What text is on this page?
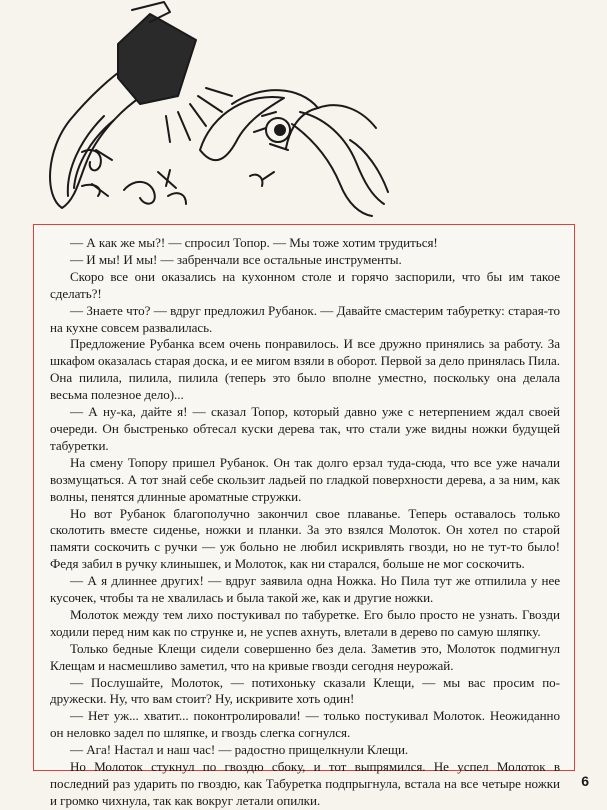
— А как же мы?! — спросил Топор. — Мы тоже хотим трудиться!

— И мы! И мы! — забренчали все остальные инструменты.

Скоро все они оказались на кухонном столе и горячо заспорили, что бы им такое сделать?!

— Знаете что? — вдруг предложил Рубанок. — Давайте смастерим табуретку: старая-то на кухне совсем развалилась.

Предложение Рубанка всем очень понравилось. И все дружно принялись за работу. За шкафом оказалась старая доска, и ее мигом взяли в оборот. Первой за дело принялась Пила. Она пилила, пилила, пилила (теперь это было вполне уместно, поскольку она делала весьма полезное дело)...

— А ну-ка, дайте я! — сказал Топор, который давно уже с нетерпением ждал своей очереди. Он быстренько обтесал куски дерева так, что стали уже видны ножки будущей табуретки.

На смену Топору пришел Рубанок. Он так долго ерзал туда-сюда, что все уже начали возмущаться. А тот знай себе скользит ладьей по гладкой поверхности дерева, а за ним, как волны, пенятся длинные ароматные стружки.

Но вот Рубанок благополучно закончил свое плаванье. Теперь оставалось только сколотить вместе сиденье, ножки и планки. За это взялся Молоток. Он хотел по старой памяти соскочить с ручки — уж больно не любил искривлять гвозди, но не тут-то было! Федя забил в ручку клинышек, и Молоток, как ни старался, больше не мог соскочить.

— А я длиннее других! — вдруг заявила одна Ножка. Но Пила тут же отпилила у нее кусочек, чтобы та не хвалилась и была такой же, как и другие ножки.

Молоток между тем лихо постукивал по табуретке. Его было просто не узнать. Гвозди ходили перед ним как по струнке и, не успев ахнуть, влетали в дерево по самую шляпку.

Только бедные Клещи сидели совершенно без дела. Заметив это, Молоток подмигнул Клещам и насмешливо заметил, что на кривые гвозди сегодня неурожай.

— Послушайте, Молоток, — потихоньку сказали Клещи, — мы вас просим по-дружески. Ну, что вам стоит? Ну, искривите хоть один!

— Нет уж... хватит... поконтролировали! — только постукивал Молоток. Неожиданно он неловко задел по шляпке, и гвоздь слегка согнулся.

— Ага! Настал и наш час! — радостно прищелкнули Клещи.

Но Молоток стукнул по гвоздю сбоку, и тот выпрямился. Не успел Молоток в последний раз ударить по гвоздю, как Табуретка подпрыгнула, встала на все четыре ножки и громко чихнула, так как вокруг летали опилки.

6
